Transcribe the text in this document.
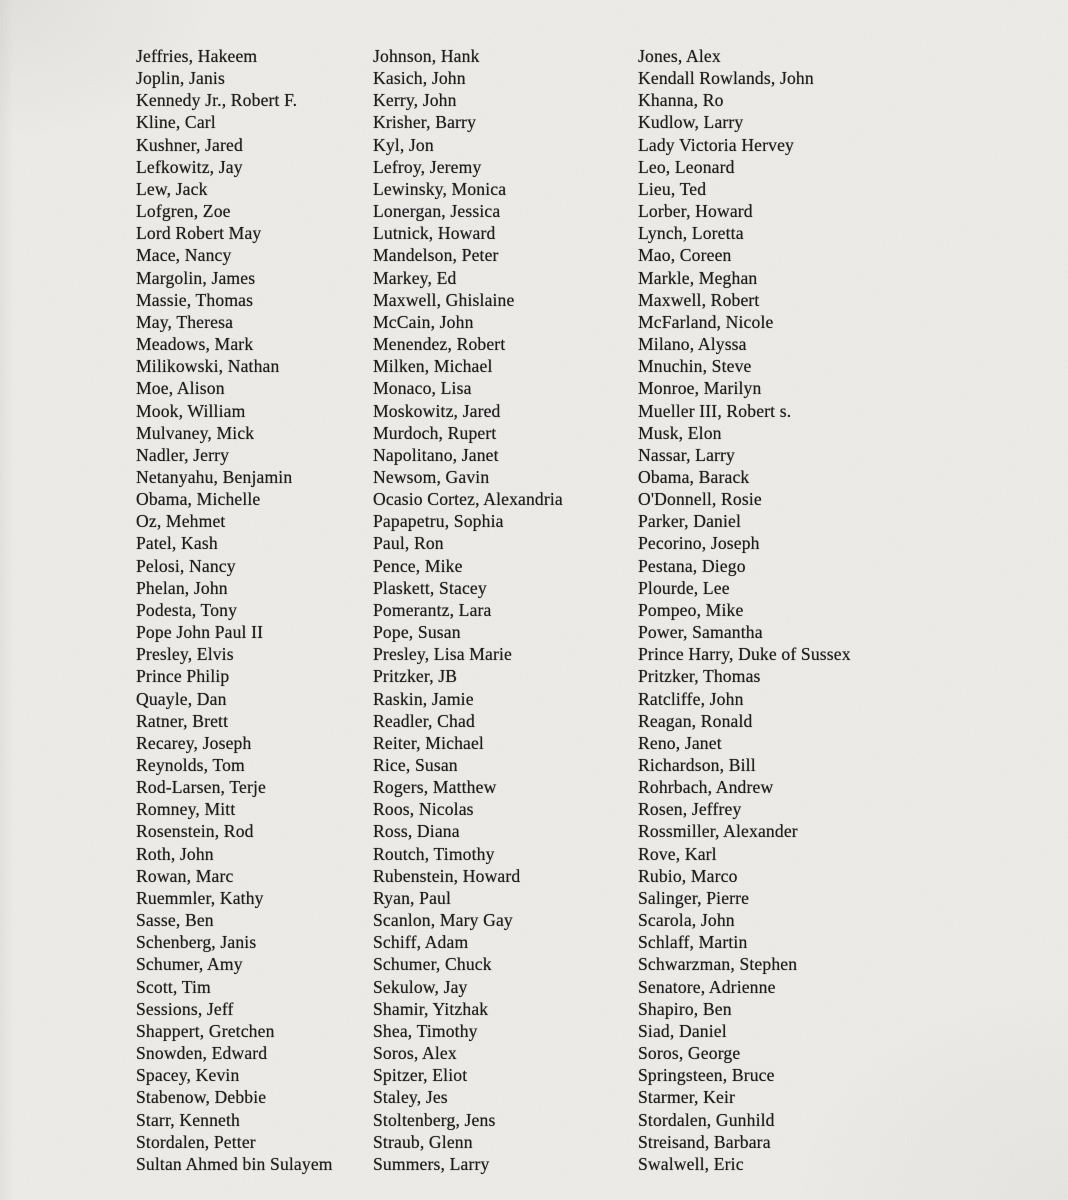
Jeffries, Hakeem
Joplin, Janis
Kennedy Jr., Robert F.
Kline, Carl
Kushner, Jared
Lefkowitz, Jay
Lew, Jack
Lofgren, Zoe
Lord Robert May
Mace, Nancy
Margolin, James
Massie, Thomas
May, Theresa
Meadows, Mark
Milikowski, Nathan
Moe, Alison
Mook, William
Mulvaney, Mick
Nadler, Jerry
Netanyahu, Benjamin
Obama, Michelle
Oz, Mehmet
Patel, Kash
Pelosi, Nancy
Phelan, John
Podesta, Tony
Pope John Paul II
Presley, Elvis
Prince Philip
Quayle, Dan
Ratner, Brett
Recarey, Joseph
Reynolds, Tom
Rod-Larsen, Terje
Romney, Mitt
Rosenstein, Rod
Roth, John
Rowan, Marc
Ruemmler, Kathy
Sasse, Ben
Schenberg, Janis
Schumer, Amy
Scott, Tim
Sessions, Jeff
Shappert, Gretchen
Snowden, Edward
Spacey, Kevin
Stabenow, Debbie
Starr, Kenneth
Stordalen, Petter
Sultan Ahmed bin Sulayem
Johnson, Hank
Kasich, John
Kerry, John
Krisher, Barry
Kyl, Jon
Lefroy, Jeremy
Lewinsky, Monica
Lonergan, Jessica
Lutnick, Howard
Mandelson, Peter
Markey, Ed
Maxwell, Ghislaine
McCain, John
Menendez, Robert
Milken, Michael
Monaco, Lisa
Moskowitz, Jared
Murdoch, Rupert
Napolitano, Janet
Newsom, Gavin
Ocasio Cortez, Alexandria
Papapetru, Sophia
Paul, Ron
Pence, Mike
Plaskett, Stacey
Pomerantz, Lara
Pope, Susan
Presley, Lisa Marie
Pritzker, JB
Raskin, Jamie
Readler, Chad
Reiter, Michael
Rice, Susan
Rogers, Matthew
Roos, Nicolas
Ross, Diana
Routch, Timothy
Rubenstein, Howard
Ryan, Paul
Scanlon, Mary Gay
Schiff, Adam
Schumer, Chuck
Sekulow, Jay
Shamir, Yitzhak
Shea, Timothy
Soros, Alex
Spitzer, Eliot
Staley, Jes
Stoltenberg, Jens
Straub, Glenn
Summers, Larry
Jones, Alex
Kendall Rowlands, John
Khanna, Ro
Kudlow, Larry
Lady Victoria Hervey
Leo, Leonard
Lieu, Ted
Lorber, Howard
Lynch, Loretta
Mao, Coreen
Markle, Meghan
Maxwell, Robert
McFarland, Nicole
Milano, Alyssa
Mnuchin, Steve
Monroe, Marilyn
Mueller III, Robert s.
Musk, Elon
Nassar, Larry
Obama, Barack
O'Donnell, Rosie
Parker, Daniel
Pecorino, Joseph
Pestana, Diego
Plourde, Lee
Pompeo, Mike
Power, Samantha
Prince Harry, Duke of Sussex
Pritzker, Thomas
Ratcliffe, John
Reagan, Ronald
Reno, Janet
Richardson, Bill
Rohrbach, Andrew
Rosen, Jeffrey
Rossmiller, Alexander
Rove, Karl
Rubio, Marco
Salinger, Pierre
Scarola, John
Schlaff, Martin
Schwarzman, Stephen
Senatore, Adrienne
Shapiro, Ben
Siad, Daniel
Soros, George
Springsteen, Bruce
Starmer, Keir
Stordalen, Gunhild
Streisand, Barbara
Swalwell, Eric
